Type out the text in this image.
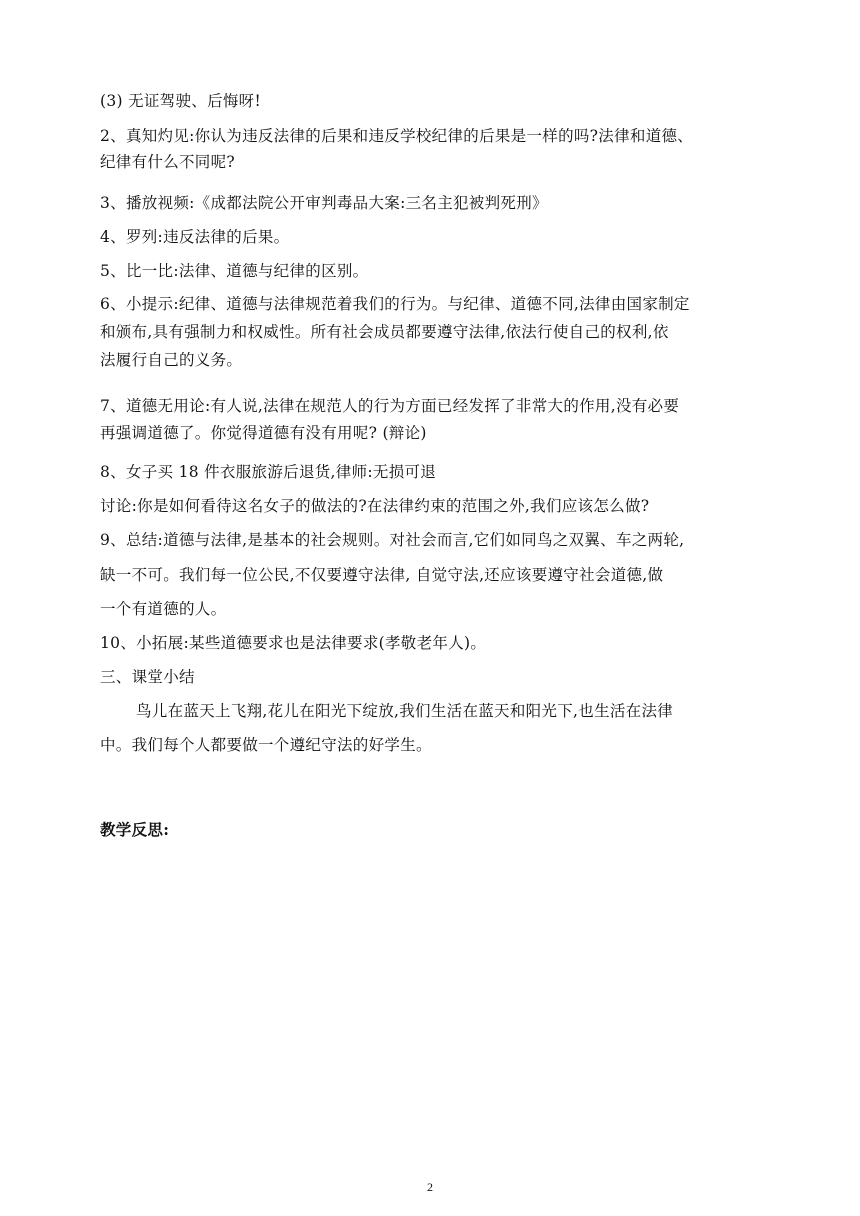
(3) 无证驾驶、后悔呀!
2、真知灼见:你认为违反法律的后果和违反学校纪律的后果是一样的吗?法律和道德、
纪律有什么不同呢?
3、播放视频:《成都法院公开审判毒品大案:三名主犯被判死刑》
4、罗列:违反法律的后果。
5、比一比:法律、道德与纪律的区别。
6、小提示:纪律、道德与法律规范着我们的行为。与纪律、道德不同,法律由国家制定
和颁布,具有强制力和权威性。所有社会成员都要遵守法律,依法行使自己的权利,依
法履行自己的义务。
7、道德无用论:有人说,法律在规范人的行为方面已经发挥了非常大的作用,没有必要
再强调道德了。你觉得道德有没有用呢? (辩论)
8、女子买 18 件衣服旅游后退货,律师:无损可退
讨论:你是如何看待这名女子的做法的?在法律约束的范围之外,我们应该怎么做?
9、总结:道德与法律,是基本的社会规则。对社会而言,它们如同鸟之双翼、车之两轮,
缺一不可。我们每一位公民,不仅要遵守法律, 自觉守法,还应该要遵守社会道德,做
一个有道德的人。
10、小拓展:某些道德要求也是法律要求(孝敬老年人)。
三、课堂小结
鸟儿在蓝天上飞翔,花儿在阳光下绽放,我们生活在蓝天和阳光下,也生活在法律
中。我们每个人都要做一个遵纪守法的好学生。
教学反思:
2
